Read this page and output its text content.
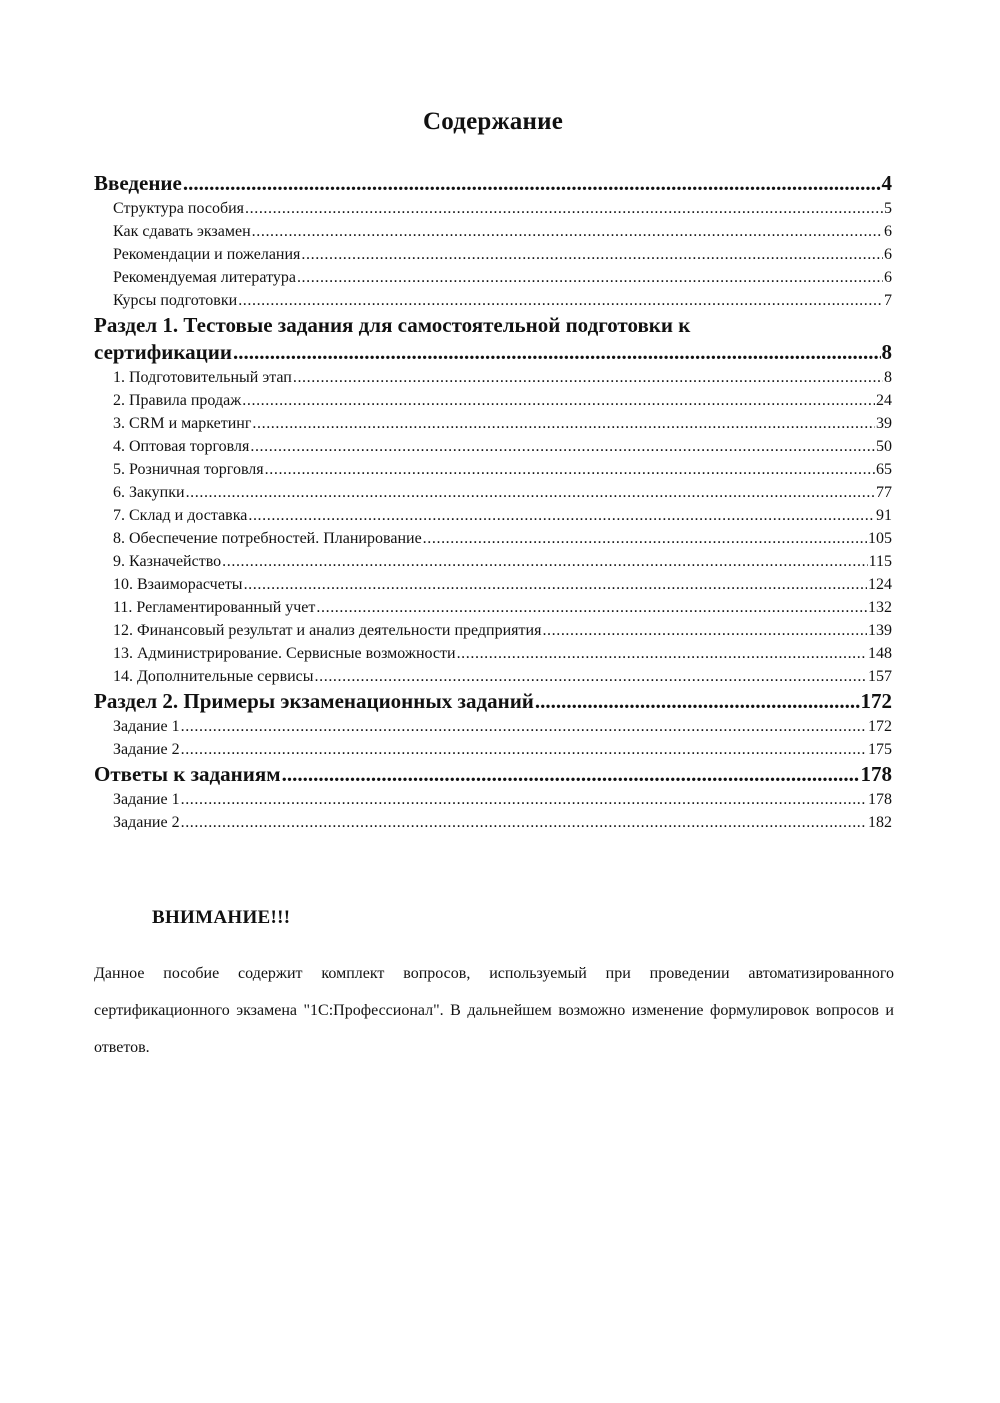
Содержание
Введение .....	4
Структура пособия .....	5
Как сдавать экзамен .....	6
Рекомендации и пожелания .....	6
Рекомендуемая литература .....	6
Курсы подготовки .....	7
Раздел 1. Тестовые задания для самостоятельной подготовки к
сертификации .....	8
1. Подготовительный этап .....	8
2. Правила продаж .....	24
3. CRM и маркетинг .....	39
4. Оптовая торговля .....	50
5. Розничная торговля .....	65
6. Закупки .....	77
7. Склад и доставка .....	91
8. Обеспечение потребностей. Планирование .....	105
9. Казначейство .....	115
10. Взаиморасчеты .....	124
11. Регламентированный учет .....	132
12. Финансовый результат и анализ деятельности предприятия .....	139
13. Администрирование. Сервисные возможности .....	148
14. Дополнительные сервисы .....	157
Раздел 2. Примеры экзаменационных заданий .....	172
Задание 1 .....	172
Задание 2 .....	175
Ответы к заданиям .....	178
Задание 1 .....	178
Задание 2 .....	182
ВНИМАНИЕ!!!
Данное пособие содержит комплект вопросов, используемый при проведении автоматизированного сертификационного экзамена "1С:Профессионал". В дальнейшем возможно изменение формулировок вопросов и ответов.
